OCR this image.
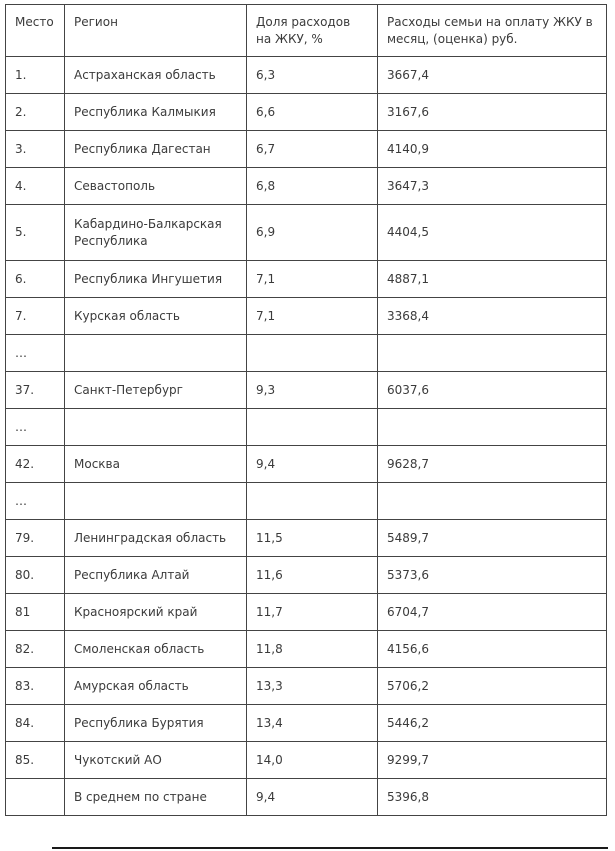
Место	Регион	Доля расходов на ЖКУ, %	Расходы семьи на оплату ЖКУ в месяц, (оценка) руб.
1.	Астраханская область	6,3	3667,4
2.	Республика Калмыкия	6,6	3167,6
3.	Республика Дагестан	6,7	4140,9
4.	Севастополь	6,8	3647,3
5.	Кабардино-Балкарская Республика	6,9	4404,5
6.	Республика Ингушетия	7,1	4887,1
7.	Курская область	7,1	3368,4
…			
37.	Санкт-Петербург	9,3	6037,6
…			
42.	Москва	9,4	9628,7
…			
79.	Ленинградская область	11,5	5489,7
80.	Республика Алтай	11,6	5373,6
81	Красноярский край	11,7	6704,7
82.	Смоленская область	11,8	4156,6
83.	Амурская область	13,3	5706,2
84.	Республика Бурятия	13,4	5446,2
85.	Чукотский АО	14,0	9299,7
	В среднем по стране	9,4	5396,8
